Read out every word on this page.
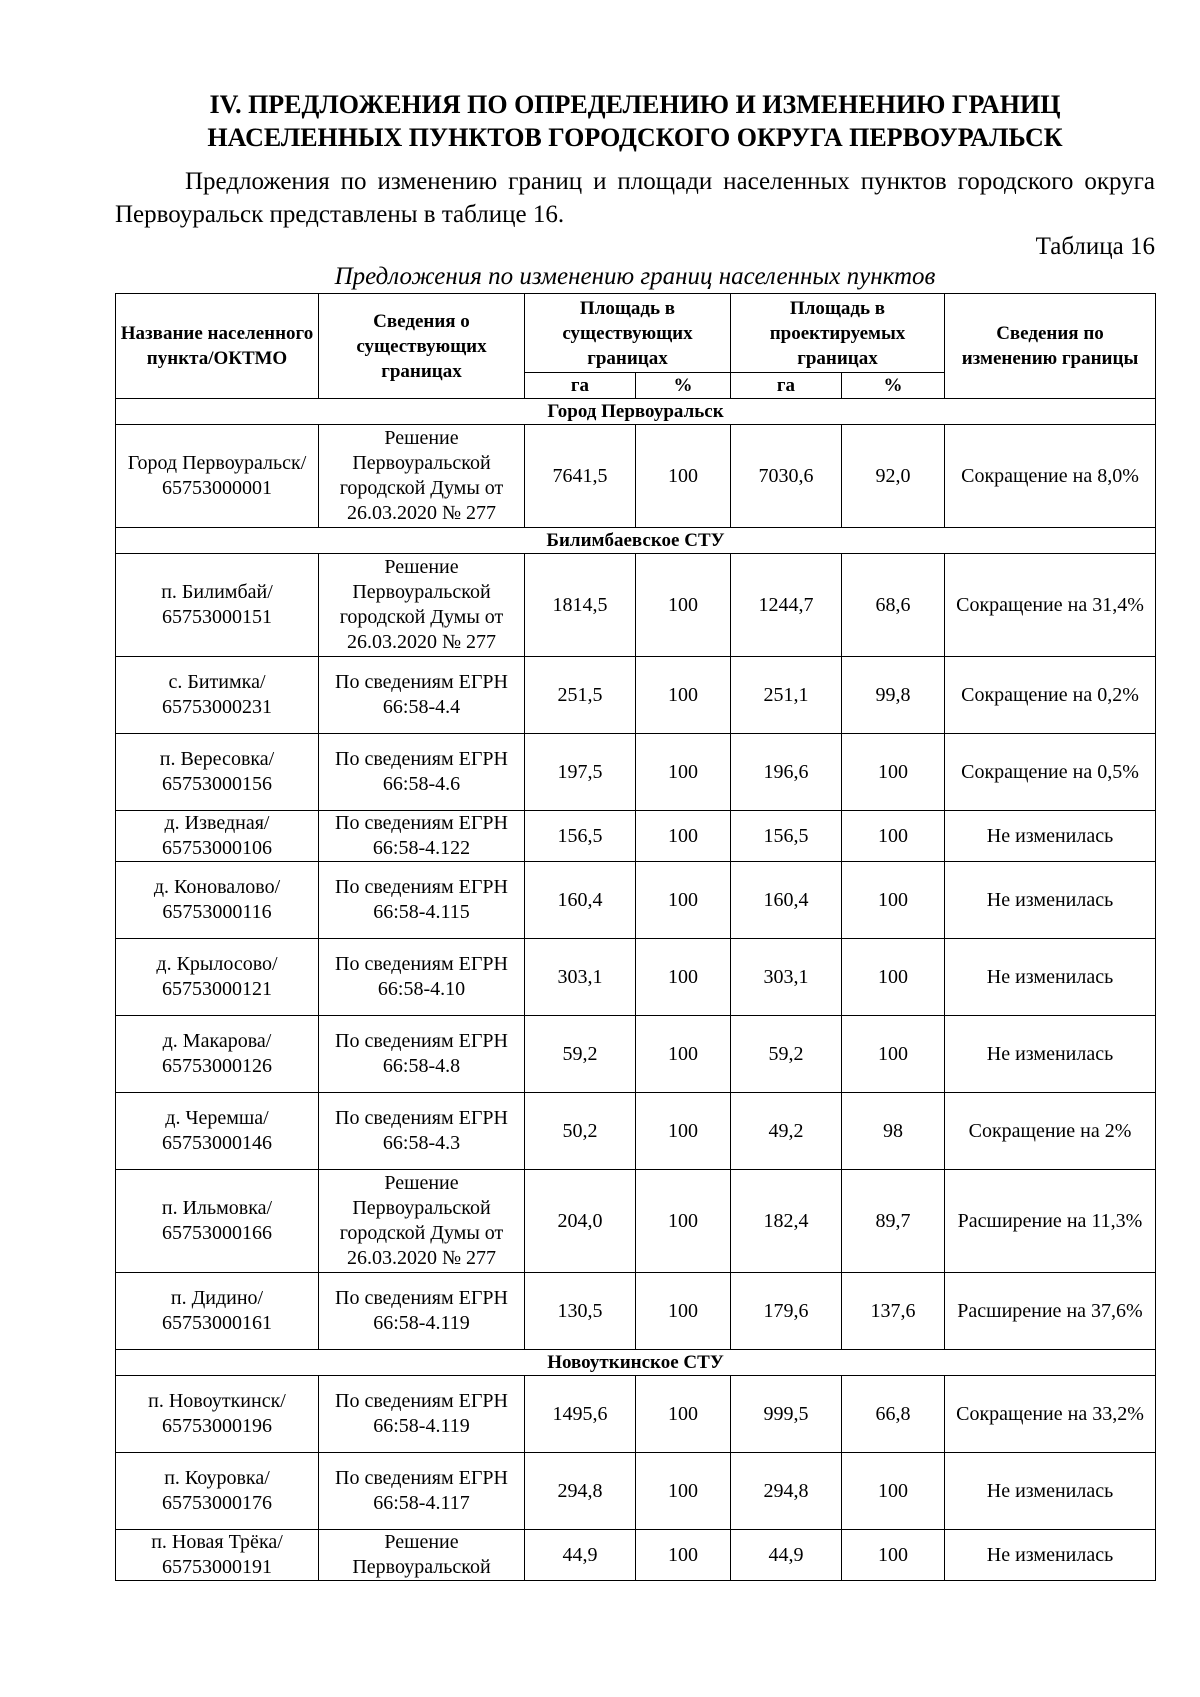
IV. ПРЕДЛОЖЕНИЯ ПО ОПРЕДЕЛЕНИЮ И ИЗМЕНЕНИЮ ГРАНИЦ
НАСЕЛЕННЫХ ПУНКТОВ ГОРОДСКОГО ОКРУГА ПЕРВОУРАЛЬСК
Предложения по изменению границ и площади населенных пунктов городского округа Первоуральск представлены в таблице 16.
Таблица 16
Предложения по изменению границ населенных пунктов
Название населенного пункта/ОКТМО	Сведения о существующих границах	Площадь в существующих границах		Площадь в проектируемых границах		Сведения по изменению границы
		га	%	га	%	
Город Первоуральск						
Город Первоуральск/ 65753000001	Решение Первоуральской городской Думы от 26.03.2020 № 277	7641,5	100	7030,6	92,0	Сокращение на 8,0%
Билимбаевское СТУ						
п. Билимбай/ 65753000151	Решение Первоуральской городской Думы от 26.03.2020 № 277	1814,5	100	1244,7	68,6	Сокращение на 31,4%
с. Битимка/ 65753000231	По сведениям ЕГРН 66:58-4.4	251,5	100	251,1	99,8	Сокращение на 0,2%
п. Вересовка/ 65753000156	По сведениям ЕГРН 66:58-4.6	197,5	100	196,6	100	Сокращение на 0,5%
д. Изведная/ 65753000106	По сведениям ЕГРН 66:58-4.122	156,5	100	156,5	100	Не изменилась
д. Коновалово/ 65753000116	По сведениям ЕГРН 66:58-4.115	160,4	100	160,4	100	Не изменилась
д. Крылосово/ 65753000121	По сведениям ЕГРН 66:58-4.10	303,1	100	303,1	100	Не изменилась
д. Макарова/ 65753000126	По сведениям ЕГРН 66:58-4.8	59,2	100	59,2	100	Не изменилась
д. Черемша/ 65753000146	По сведениям ЕГРН 66:58-4.3	50,2	100	49,2	98	Сокращение на 2%
п. Ильмовка/ 65753000166	Решение Первоуральской городской Думы от 26.03.2020 № 277	204,0	100	182,4	89,7	Расширение на 11,3%
п. Дидино/ 65753000161	По сведениям ЕГРН 66:58-4.119	130,5	100	179,6	137,6	Расширение на 37,6%
Новоуткинское СТУ						
п. Новоуткинск/ 65753000196	По сведениям ЕГРН 66:58-4.119	1495,6	100	999,5	66,8	Сокращение на 33,2%
п. Коуровка/ 65753000176	По сведениям ЕГРН 66:58-4.117	294,8	100	294,8	100	Не изменилась
п. Новая Трёка/ 65753000191	Решение Первоуральской	44,9	100	44,9	100	Не изменилась
